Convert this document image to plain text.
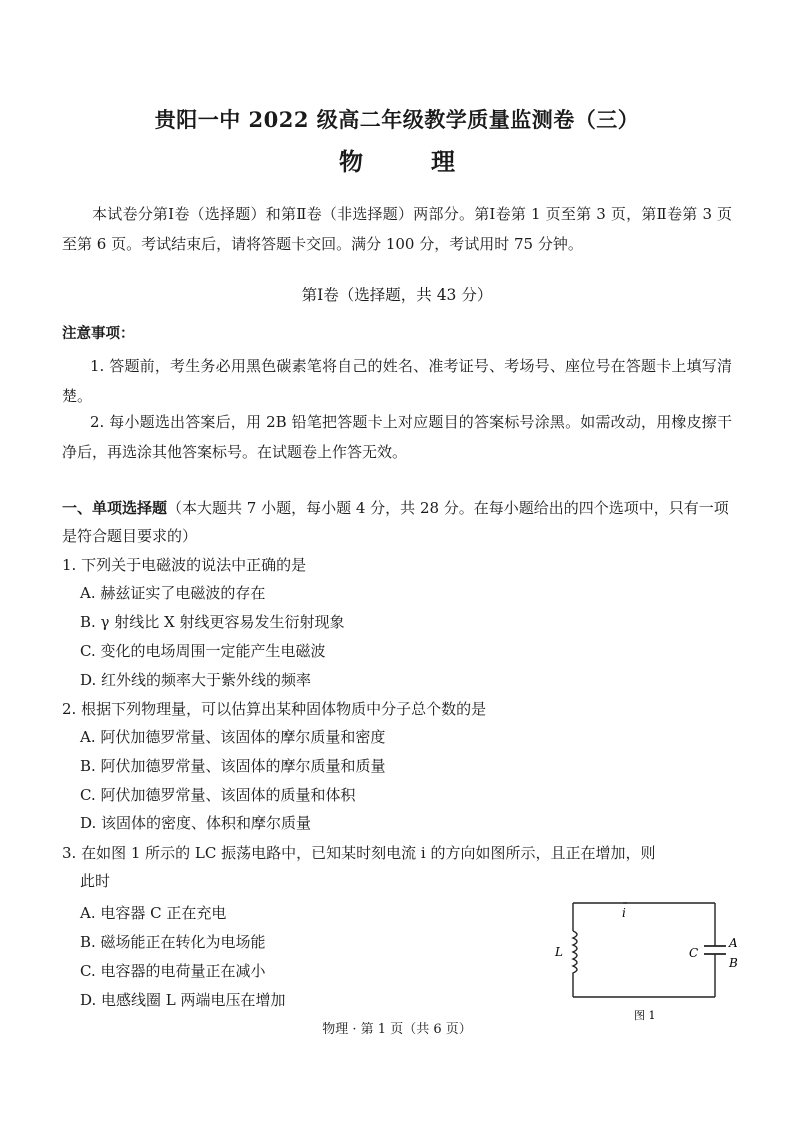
贵阳一中 2022 级高二年级教学质量监测卷（三）
物　理
本试卷分第Ⅰ卷（选择题）和第Ⅱ卷（非选择题）两部分。第Ⅰ卷第 1 页至第 3 页，第Ⅱ卷第 3 页至第 6 页。考试结束后，请将答题卡交回。满分 100 分，考试用时 75 分钟。
第Ⅰ卷（选择题，共 43 分）
注意事项：
1. 答题前，考生务必用黑色碳素笔将自己的姓名、准考证号、考场号、座位号在答题卡上填写清楚。
2. 每小题选出答案后，用 2B 铅笔把答题卡上对应题目的答案标号涂黑。如需改动，用橡皮擦干净后，再选涂其他答案标号。在试题卷上作答无效。
一、单项选择题（本大题共 7 小题，每小题 4 分，共 28 分。在每小题给出的四个选项中，只有一项是符合题目要求的）
1. 下列关于电磁波的说法中正确的是
A. 赫兹证实了电磁波的存在
B. γ 射线比 X 射线更容易发生衍射现象
C. 变化的电场周围一定能产生电磁波
D. 红外线的频率大于紫外线的频率
2. 根据下列物理量，可以估算出某种固体物质中分子总个数的是
A. 阿伏加德罗常量、该固体的摩尔质量和密度
B. 阿伏加德罗常量、该固体的摩尔质量和质量
C. 阿伏加德罗常量、该固体的质量和体积
D. 该固体的密度、体积和摩尔质量
3. 在如图 1 所示的 LC 振荡电路中，已知某时刻电流 i 的方向如图所示，且正在增加，则
此时
A. 电容器 C 正在充电
B. 磁场能正在转化为电场能
C. 电容器的电荷量正在减小
D. 电感线圈 L 两端电压在增加
i
L	C
A
B
图 1
物理 · 第 1 页（共 6 页）
